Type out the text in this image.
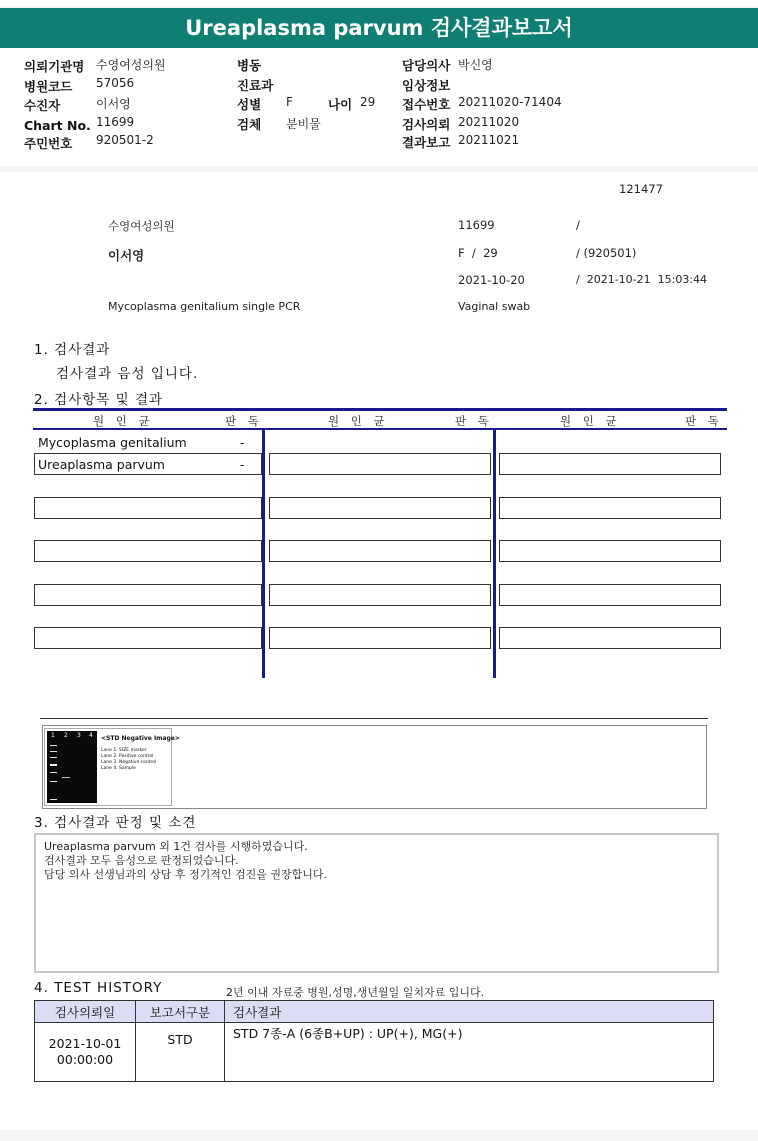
Ureaplasma parvum 검사결과보고서
의뢰기관명 수영여성의원
병원코드 57056
수진자	이서영
Chart No. 11699
주민번호 920501-2
병동
진료과
성별 F	나이 29
검체 분비물
담당의사 박신영
임상정보
접수번호 20211020-71404
검사의뢰 20211020
결과보고 20211021
121477
수영여성의원	11699	/
이서영	F  /  29	/ (920501)
2021-10-20	/  2021-10-21  15:03:44
Mycoplasma genitalium single PCR	Vaginal swab
1. 검사결과
검사결과 음성 입니다.
2. 검사항목 및 결과
원 인 균	판 독	원 인 균	판 독	원 인 균	판 독
Mycoplasma genitalium	-
Ureaplasma parvum	-
1 2 3 4 <STD Negative Image>
Lane 1. SIZE marker
Lane 2. Positive control
Lane 3. Negative control
Lane 4. Sample
3. 검사결과 판정 및 소견
Ureaplasma parvum 외 1건 검사를 시행하였습니다.
검사결과 모두 음성으로 판정되었습니다.
담당 의사 선생님과의 상담 후 정기적인 검진을 권장합니다.
4. TEST HISTORY	2년 이내 자료중 병원,성명,생년월일 일치자료 입니다.
검사의뢰일	보고서구분	검사결과

2021-10-01
00:00:00	STD	STD 7종-A (6종B+UP) : UP(+), MG(+)
